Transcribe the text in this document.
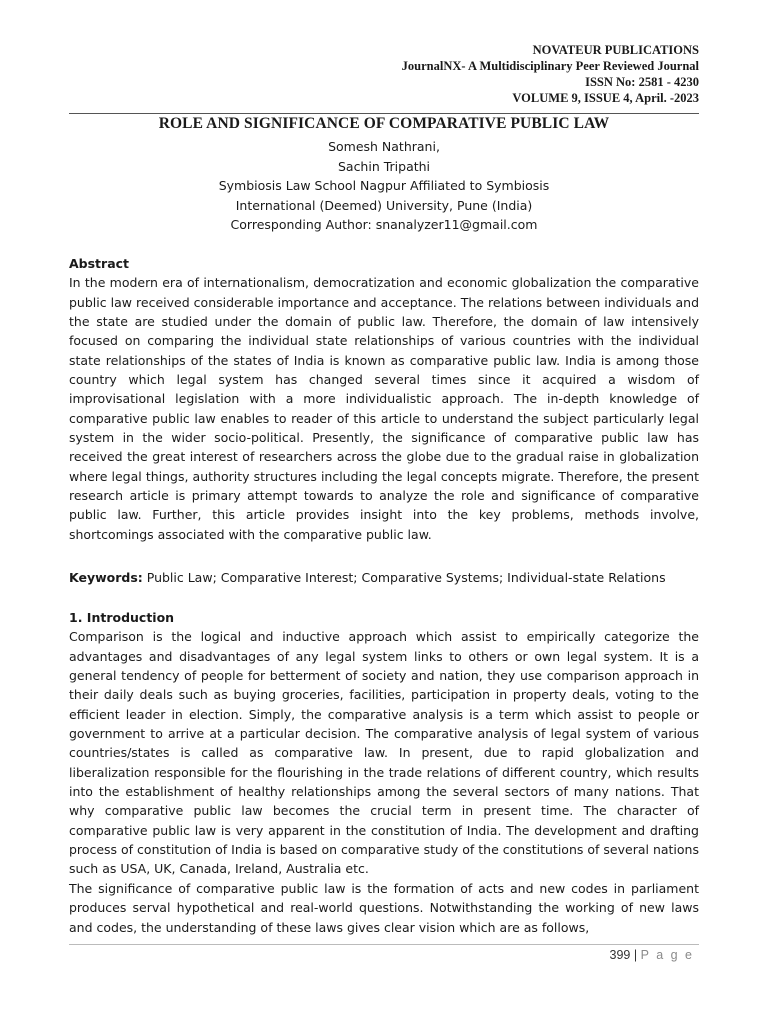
NOVATEUR PUBLICATIONS
JournalNX- A Multidisciplinary Peer Reviewed Journal
ISSN No: 2581 - 4230
VOLUME 9, ISSUE 4, April. -2023
ROLE AND SIGNIFICANCE OF COMPARATIVE PUBLIC LAW
Somesh Nathrani,
Sachin Tripathi
Symbiosis Law School Nagpur Affiliated to Symbiosis
International (Deemed) University, Pune (India)
Corresponding Author: snanalyzer11@gmail.com
Abstract

In the modern era of internationalism, democratization and economic globalization the comparative public law received considerable importance and acceptance. The relations between individuals and the state are studied under the domain of public law. Therefore, the domain of law intensively focused on comparing the individual state relationships of various countries with the individual state relationships of the states of India is known as comparative public law. India is among those country which legal system has changed several times since it acquired a wisdom of improvisational legislation with a more individualistic approach. The in-depth knowledge of comparative public law enables to reader of this article to understand the subject particularly legal system in the wider socio-political. Presently, the significance of comparative public law has received the great interest of researchers across the globe due to the gradual raise in globalization where legal things, authority structures including the legal concepts migrate. Therefore, the present research article is primary attempt towards to analyze the role and significance of comparative public law. Further, this article provides insight into the key problems, methods involve, shortcomings associated with the comparative public law.

Keywords: Public Law; Comparative Interest; Comparative Systems; Individual-state Relations

1. Introduction

Comparison is the logical and inductive approach which assist to empirically categorize the advantages and disadvantages of any legal system links to others or own legal system. It is a general tendency of people for betterment of society and nation, they use comparison approach in their daily deals such as buying groceries, facilities, participation in property deals, voting to the efficient leader in election. Simply, the comparative analysis is a term which assist to people or government to arrive at a particular decision. The comparative analysis of legal system of various countries/states is called as comparative law. In present, due to rapid globalization and liberalization responsible for the flourishing in the trade relations of different country, which results into the establishment of healthy relationships among the several sectors of many nations. That why comparative public law becomes the crucial term in present time. The character of comparative public law is very apparent in the constitution of India. The development and drafting process of constitution of India is based on comparative study of the constitutions of several nations such as USA, UK, Canada, Ireland, Australia etc.

The significance of comparative public law is the formation of acts and new codes in parliament produces serval hypothetical and real-world questions. Notwithstanding the working of new laws and codes, the understanding of these laws gives clear vision which are as follows,

399 | P a g e
